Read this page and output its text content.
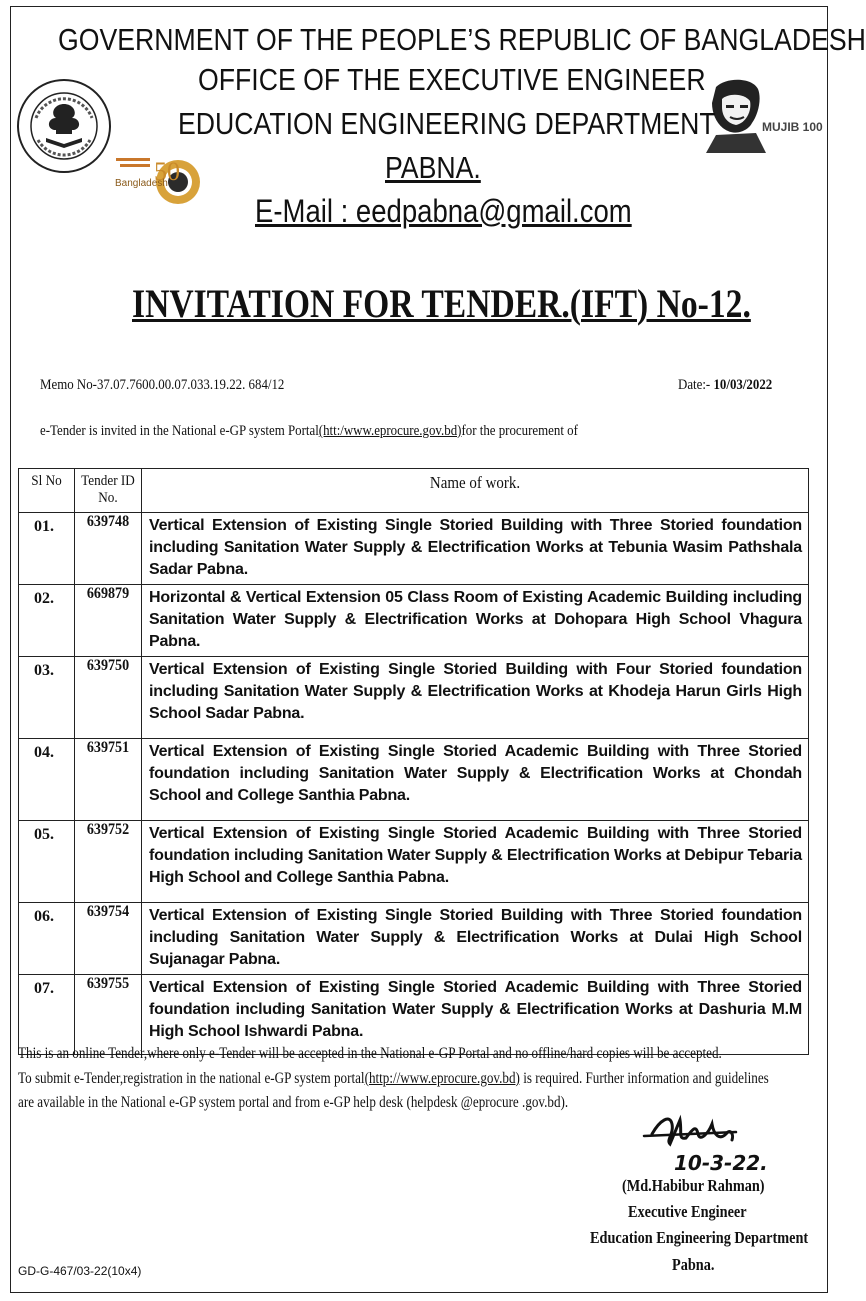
50
Bangladesh
MUJIB 100
GOVERNMENT OF THE PEOPLE’S REPUBLIC OF BANGLADESH
OFFICE OF THE EXECUTIVE ENGINEER
EDUCATION ENGINEERING DEPARTMENT
PABNA.
E-Mail : eedpabna@gmail.com
INVITATION FOR TENDER.(IFT) No-12.
Memo No-37.07.7600.00.07.033.19.22. 684/12	Date:- 10/03/2022
e-Tender is invited in the National e-GP system Portal(htt:/www.eprocure.gov.bd)for the procurement of
Sl No	Tender ID No.	Name of work.

01.	639748	Vertical Extension of Existing Single Storied Building with Three Storied foundation including Sanitation Water Supply & Electrification Works at Tebunia Wasim Pathshala Sadar Pabna.

02.	669879	Horizontal & Vertical Extension 05 Class Room of Existing Academic Building including Sanitation Water Supply & Electrification Works at Dohopara High School Vhagura Pabna.

03.	639750	Vertical Extension of Existing Single Storied Building with Four Storied foundation including Sanitation Water Supply & Electrification Works at Khodeja Harun Girls High School Sadar Pabna.

04.	639751	Vertical Extension of Existing Single Storied Academic Building with Three Storied foundation including Sanitation Water Supply & Electrification Works at Chondah School and College Santhia Pabna.

05.	639752	Vertical Extension of Existing Single Storied Academic Building with Three Storied foundation including Sanitation Water Supply & Electrification Works at Debipur Tebaria High School and College Santhia Pabna.

06.	639754	Vertical Extension of Existing Single Storied Building with Three Storied foundation including Sanitation Water Supply & Electrification Works at Dulai High School Sujanagar Pabna.

07.	639755	Vertical Extension of Existing Single Storied Academic Building with Three Storied foundation including Sanitation Water Supply & Electrification Works at Dashuria M.M High School Ishwardi Pabna.
This is an online Tender,where only e-Tender will be accepted in the National e-GP Portal and no offline/hard copies will be accepted.
To submit e-Tender,registration in the national e-GP system portal(http://www.eprocure.gov.bd) is required. Further information and guidelines
are available in the National e-GP system portal and from e-GP help desk (helpdesk @eprocure .gov.bd).
10-3-22.
(Md.Habibur Rahman)
Executive Engineer
Education Engineering Department
Pabna.
GD-G-467/03-22(10x4)
